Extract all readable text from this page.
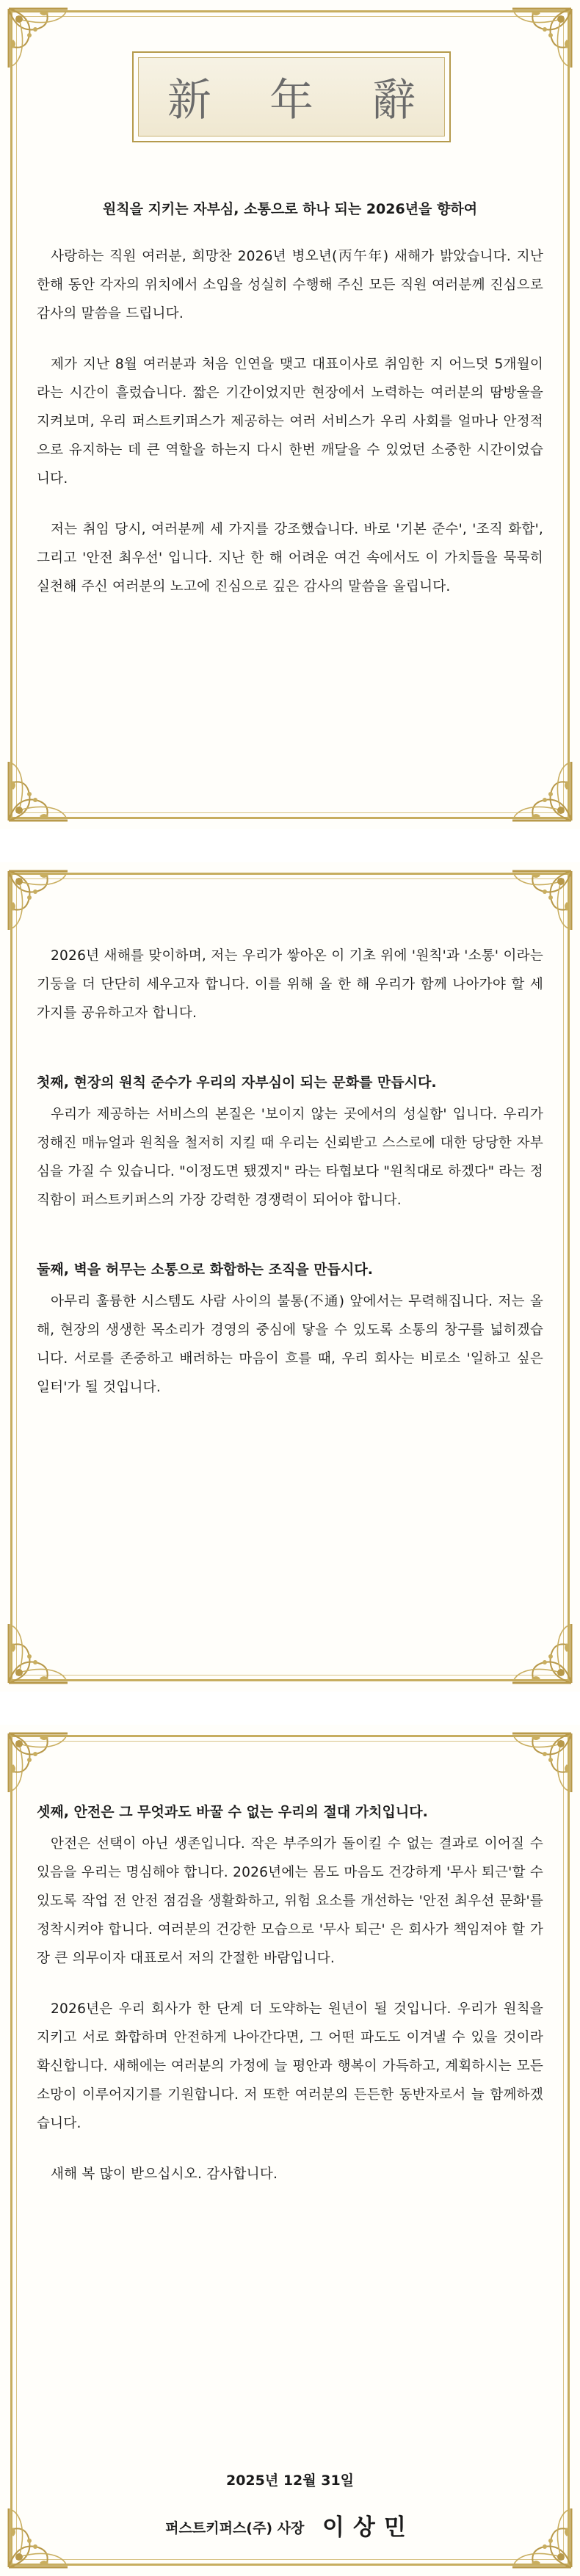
新 年 辭
원칙을 지키는 자부심, 소통으로 하나 되는 2026년을 향하여

사랑하는 직원 여러분, 희망찬 2026년 병오년(丙午年) 새해가 밝았습니다. 지난 한해 동안 각자의 위치에서 소임을 성실히 수행해 주신 모든 직원 여러분께 진심으로 감사의 말씀을 드립니다.

제가 지난 8월 여러분과 처음 인연을 맺고 대표이사로 취임한 지 어느덧 5개월이라는 시간이 흘렀습니다. 짧은 기간이었지만 현장에서 노력하는 여러분의 땀방울을 지켜보며, 우리 퍼스트키퍼스가 제공하는 여러 서비스가 우리 사회를 얼마나 안정적으로 유지하는 데 큰 역할을 하는지 다시 한번 깨달을 수 있었던 소중한 시간이었습니다.

저는 취임 당시, 여러분께 세 가지를 강조했습니다. 바로 '기본 준수', '조직 화합', 그리고 '안전 최우선' 입니다. 지난 한 해 어려운 여건 속에서도 이 가치들을 묵묵히 실천해 주신 여러분의 노고에 진심으로 깊은 감사의 말씀을 올립니다.

2026년 새해를 맞이하며, 저는 우리가 쌓아온 이 기초 위에 '원칙'과 '소통' 이라는 기둥을 더 단단히 세우고자 합니다. 이를 위해 올 한 해 우리가 함께 나아가야 할 세 가지를 공유하고자 합니다.

첫째, 현장의 원칙 준수가 우리의 자부심이 되는 문화를 만듭시다.

우리가 제공하는 서비스의 본질은 '보이지 않는 곳에서의 성실함' 입니다. 우리가 정해진 매뉴얼과 원칙을 철저히 지킬 때 우리는 신뢰받고 스스로에 대한 당당한 자부심을 가질 수 있습니다. "이정도면 됐겠지" 라는 타협보다 "원칙대로 하겠다" 라는 정직함이 퍼스트키퍼스의 가장 강력한 경쟁력이 되어야 합니다.

둘째, 벽을 허무는 소통으로 화합하는 조직을 만듭시다.

아무리 훌륭한 시스템도 사람 사이의 불통(不通) 앞에서는 무력해집니다. 저는 올해, 현장의 생생한 목소리가 경영의 중심에 닿을 수 있도록 소통의 창구를 넓히겠습니다. 서로를 존중하고 배려하는 마음이 흐를 때, 우리 회사는 비로소 '일하고 싶은 일터'가 될 것입니다.

셋째, 안전은 그 무엇과도 바꿀 수 없는 우리의 절대 가치입니다.

안전은 선택이 아닌 생존입니다. 작은 부주의가 돌이킬 수 없는 결과로 이어질 수 있음을 우리는 명심해야 합니다. 2026년에는 몸도 마음도 건강하게 '무사 퇴근'할 수 있도록 작업 전 안전 점검을 생활화하고, 위험 요소를 개선하는 '안전 최우선 문화'를 정착시켜야 합니다. 여러분의 건강한 모습으로 '무사 퇴근' 은 회사가 책임져야 할 가장 큰 의무이자 대표로서 저의 간절한 바람입니다.

2026년은 우리 회사가 한 단계 더 도약하는 원년이 될 것입니다. 우리가 원칙을 지키고 서로 화합하며 안전하게 나아간다면, 그 어떤 파도도 이겨낼 수 있을 것이라 확신합니다. 새해에는 여러분의 가정에 늘 평안과 행복이 가득하고, 계획하시는 모든 소망이 이루어지기를 기원합니다. 저 또한 여러분의 든든한 동반자로서 늘 함께하겠습니다.

새해 복 많이 받으십시오. 감사합니다.

2025년 12월 31일
퍼스트키퍼스(주) 사장 이상민
